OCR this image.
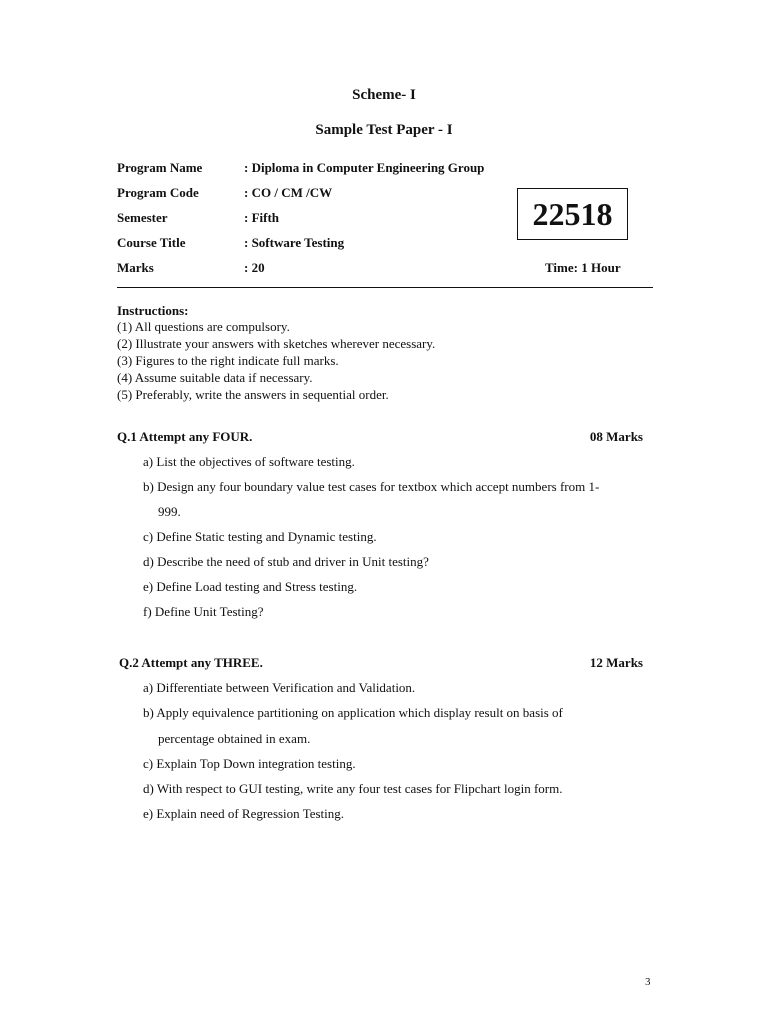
Scheme- I
Sample Test Paper - I
Program Name	: Diploma in Computer Engineering Group
Program Code	: CO / CM /CW
Semester	: Fifth
Course Title	: Software Testing
Marks	: 20
22518
Time: 1 Hour
Instructions:
(1) All questions are compulsory.
(2) Illustrate your answers with sketches wherever necessary.
(3) Figures to the right indicate full marks.
(4) Assume suitable data if necessary.
(5) Preferably, write the answers in sequential order.
Q.1 Attempt any FOUR.	08 Marks
a) List the objectives of software testing.
b) Design any four boundary value test cases for textbox which accept numbers from 1-
999.
c) Define Static testing and Dynamic testing.
d) Describe the need of stub and driver in Unit testing?
e) Define Load testing and Stress testing.
f) Define Unit Testing?
Q.2 Attempt any THREE.	12 Marks
a) Differentiate between Verification and Validation.
b) Apply equivalence partitioning on application which display result on basis of
percentage obtained in exam.
c) Explain Top Down integration testing.
d) With respect to GUI testing, write any four test cases for Flipchart login form.
e) Explain need of Regression Testing.
3
